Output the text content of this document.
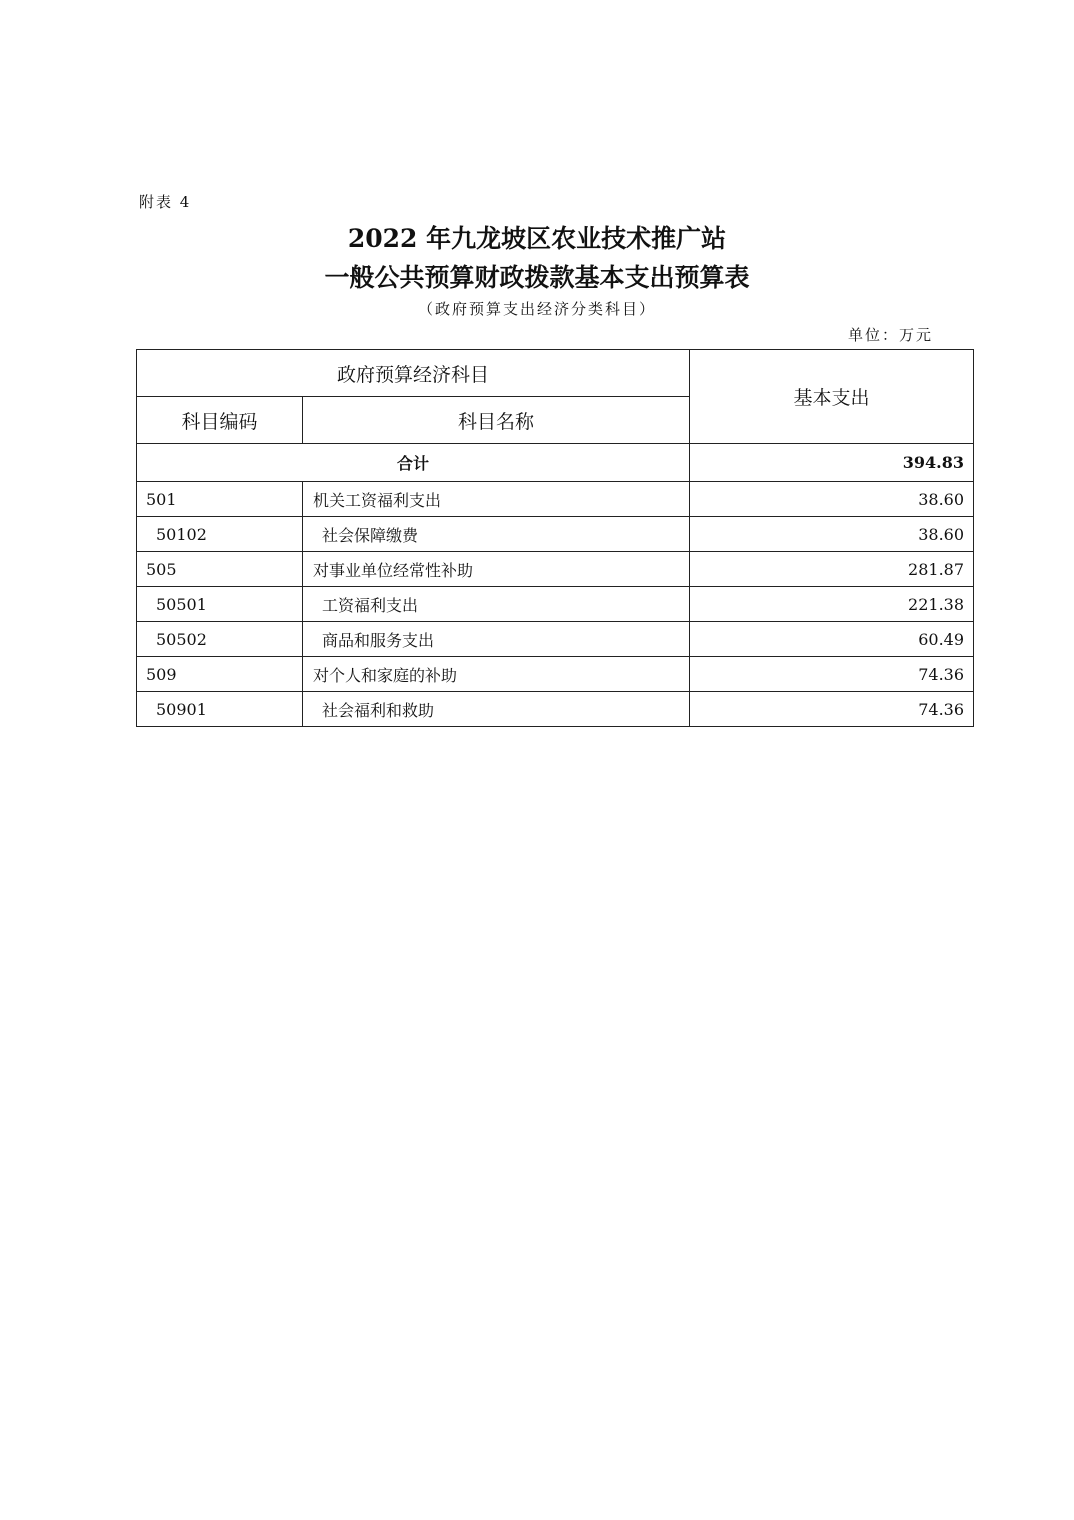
附表 4
2022 年九龙坡区农业技术推广站
一般公共预算财政拨款基本支出预算表
（政府预算支出经济分类科目）
单位：万元
政府预算经济科目		基本支出
科目编码	科目名称	
合计		394.83
501	机关工资福利支出	38.60
50102	社会保障缴费	38.60
505	对事业单位经常性补助	281.87
50501	工资福利支出	221.38
50502	商品和服务支出	60.49
509	对个人和家庭的补助	74.36
50901	社会福利和救助	74.36
